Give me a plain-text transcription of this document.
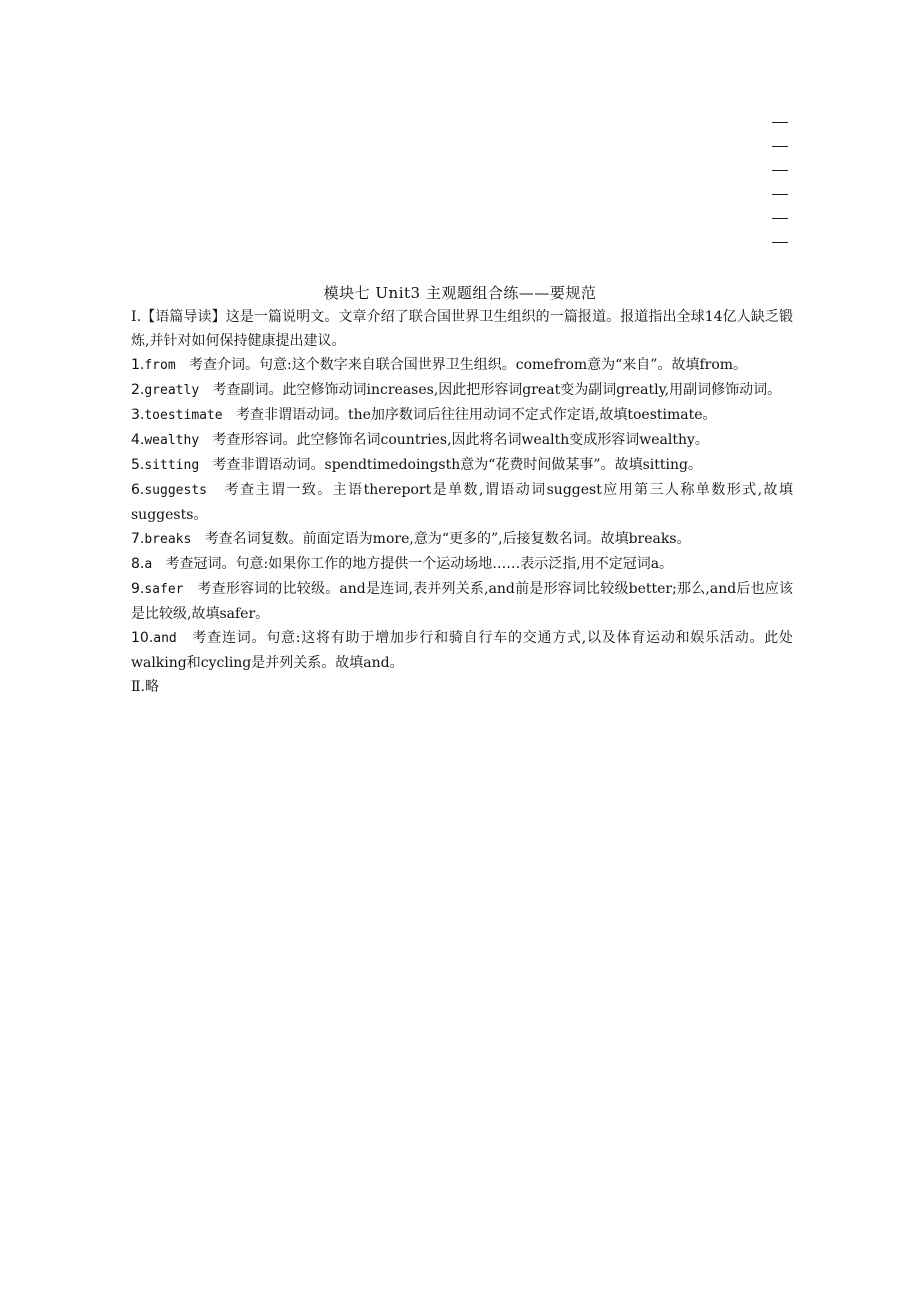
模块七 Unit3 主观题组合练——要规范

Ⅰ.【语篇导读】这是一篇说明文。文章介绍了联合国世界卫生组织的一篇报道。报道指出全球14亿人缺乏锻炼,并针对如何保持健康提出建议。

1.from 考查介词。句意:这个数字来自联合国世界卫生组织。comefrom意为“来自”。故填from。

2.greatly 考查副词。此空修饰动词increases,因此把形容词great变为副词greatly,用副词修饰动词。

3.toestimate 考查非谓语动词。the加序数词后往往用动词不定式作定语,故填toestimate。

4.wealthy 考查形容词。此空修饰名词countries,因此将名词wealth变成形容词wealthy。

5.sitting 考查非谓语动词。spendtimedoingsth意为“花费时间做某事”。故填sitting。

6.suggests 考查主谓一致。主语thereport是单数,谓语动词suggest应用第三人称单数形式,故填suggests。

7.breaks 考查名词复数。前面定语为more,意为“更多的”,后接复数名词。故填breaks。

8.a 考查冠词。句意:如果你工作的地方提供一个运动场地……表示泛指,用不定冠词a。

9.safer 考查形容词的比较级。and是连词,表并列关系,and前是形容词比较级better;那么,and后也应该是比较级,故填safer。

10.and 考查连词。句意:这将有助于增加步行和骑自行车的交通方式,以及体育运动和娱乐活动。此处walking和cycling是并列关系。故填and。

Ⅱ.略
